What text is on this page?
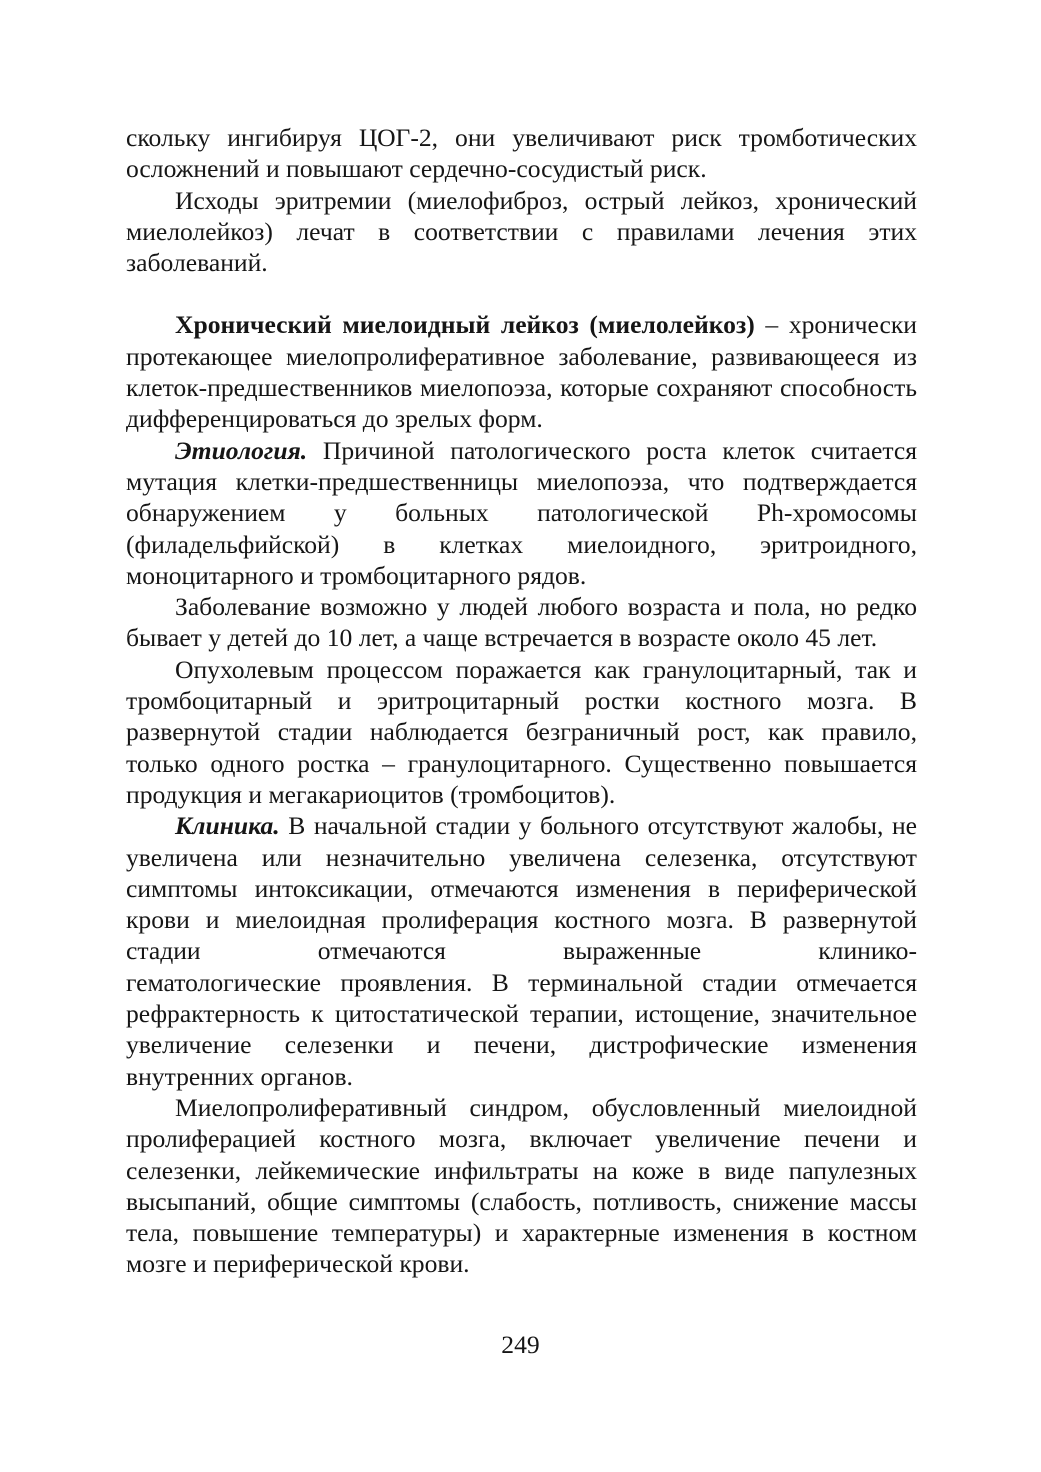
скольку ингибируя ЦОГ-2, они увеличивают риск тромботических осложнений и повышают сердечно-сосудистый риск.

Исходы эритремии (миелофиброз, острый лейкоз, хронический миелолейкоз) лечат в соответствии с правилами лечения этих заболеваний.

Хронический миелоидный лейкоз (миелолейкоз) – хронически протекающее миелопролиферативное заболевание, развивающееся из клеток-предшественников миелопоэза, которые сохраняют способность дифференцироваться до зрелых форм.

Этиология. Причиной патологического роста клеток считается мутация клетки-предшественницы миелопоэза, что подтверждается обнаружением у больных патологической Ph-хромосомы (филадельфийской) в клетках миелоидного, эритроидного, моноцитарного и тромбоцитарного рядов.

Заболевание возможно у людей любого возраста и пола, но редко бывает у детей до 10 лет, а чаще встречается в возрасте около 45 лет.

Опухолевым процессом поражается как гранулоцитарный, так и тромбоцитарный и эритроцитарный ростки костного мозга. В развернутой стадии наблюдается безграничный рост, как правило, только одного ростка – гранулоцитарного. Существенно повышается продукция и мегакариоцитов (тромбоцитов).

Клиника. В начальной стадии у больного отсутствуют жалобы, не увеличена или незначительно увеличена селезенка, отсутствуют симптомы интоксикации, отмечаются изменения в периферической крови и миелоидная пролиферация костного мозга. В развернутой стадии отмечаются выраженные клинико-

гематологические проявления. В терминальной стадии отмечается рефрактерность к цитостатической терапии, истощение, значительное увеличение селезенки и печени, дистрофические изменения внутренних органов.

Миелопролиферативный синдром, обусловленный миелоидной пролиферацией костного мозга, включает увеличение печени и селезенки, лейкемические инфильтраты на коже в виде папулезных высыпаний, общие симптомы (слабость, потливость, снижение массы тела, повышение температуры) и характерные изменения в костном мозге и периферической крови.

249
